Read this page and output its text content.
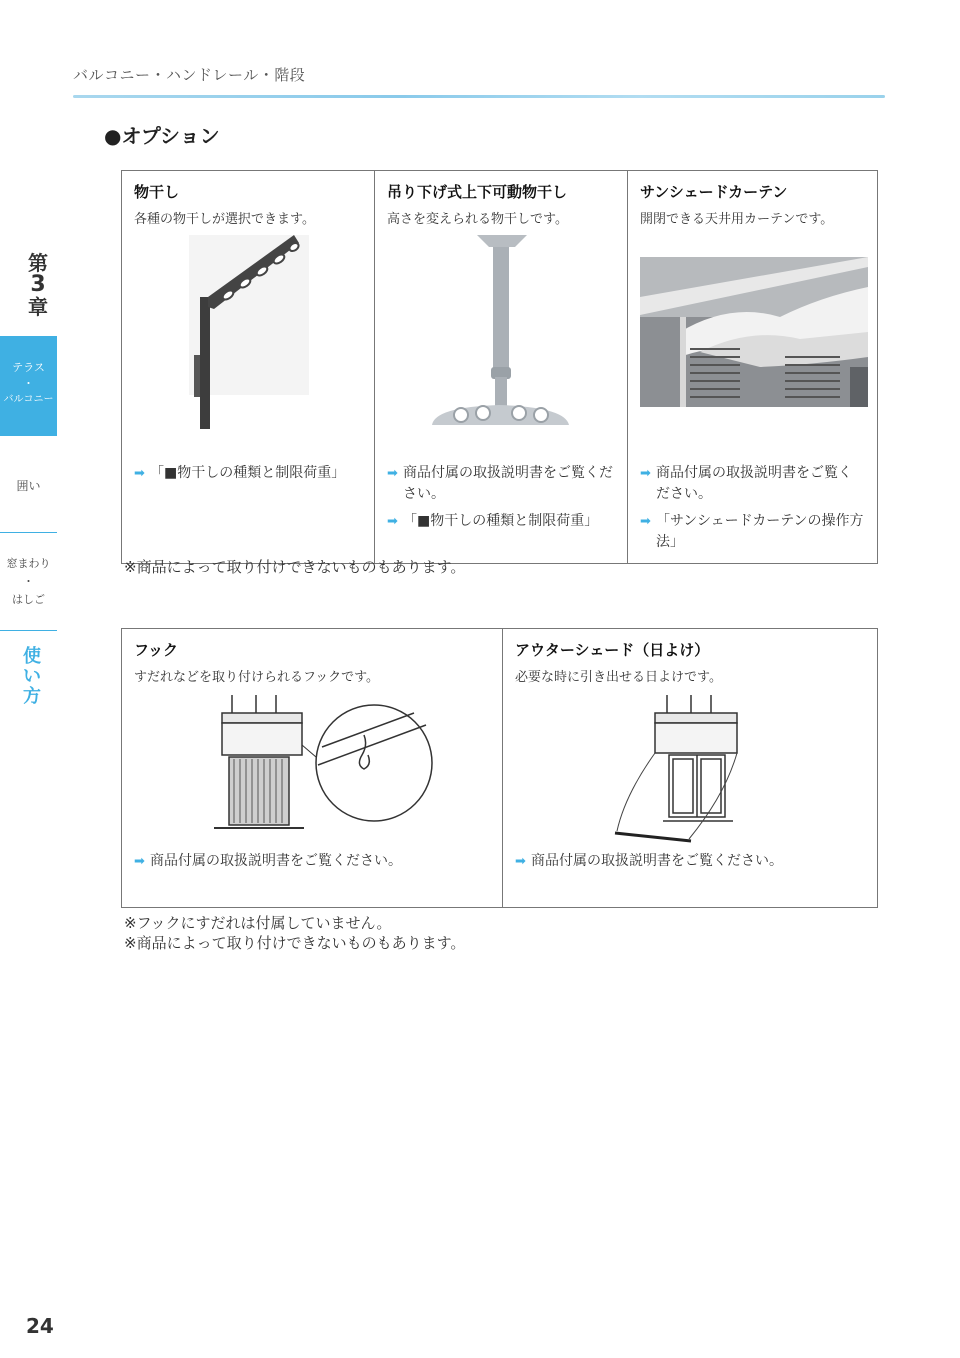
バルコニー・ハンドレール・階段
●オプション
第
3
章
テラス
・
バルコニー
囲い
窓まわり
・
はしご
使
い
方
物干し
各種の物干しが選択できます。
➡ 「■物干しの種類と制限荷重」

吊り下げ式上下可動物干し
高さを変えられる物干しです。
➡ 商品付属の取扱説明書をご覧ください。
➡ 「■物干しの種類と制限荷重」

サンシェードカーテン
開閉できる天井用カーテンです。
➡ 商品付属の取扱説明書をご覧ください。
➡ 「サンシェードカーテンの操作方法」
※商品によって取り付けできないものもあります。
フック
すだれなどを取り付けられるフックです。
➡ 商品付属の取扱説明書をご覧ください。

アウターシェード（日よけ）
必要な時に引き出せる日よけです。
➡ 商品付属の取扱説明書をご覧ください。
※フックにすだれは付属していません。
※商品によって取り付けできないものもあります。
24
